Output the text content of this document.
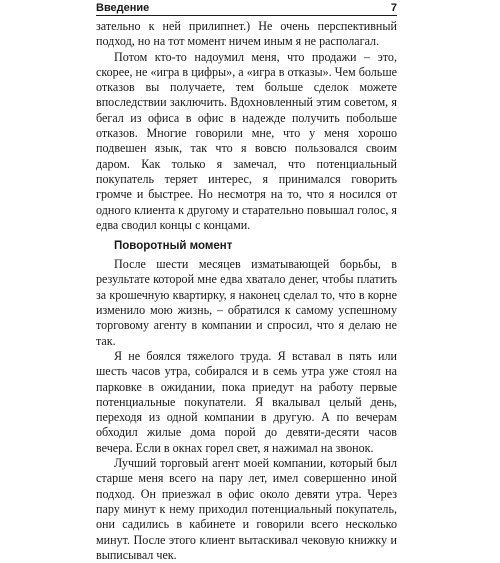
Введение	7

зательно к ней прилипнет.) Не очень перспективный подход, но на тот момент ничем иным я не располагал.

Потом кто-то надоумил меня, что продажи – это, скорее, не «игра в цифры», а «игра в отказы». Чем больше отказов вы получаете, тем больше сделок можете впоследствии заключить. Вдохновленный этим советом, я бегал из офиса в офис в надежде получить побольше отказов. Многие говорили мне, что у меня хорошо подвешен язык, так что я вовсю пользовался своим даром. Как только я замечал, что потенциальный покупатель теряет интерес, я принимался говорить громче и быстрее. Но несмотря на то, что я носился от одного клиента к другому и старательно повышал голос, я едва сводил концы с концами.

Поворотный момент

После шести месяцев изматывающей борьбы, в результате которой мне едва хватало денег, чтобы платить за крошечную квартирку, я наконец сделал то, что в корне изменило мою жизнь, – обратился к самому успешному торговому агенту в компании и спросил, что я делаю не так.

Я не боялся тяжелого труда. Я вставал в пять или шесть часов утра, собирался и в семь утра уже стоял на парковке в ожидании, пока приедут на работу первые потенциальные покупатели. Я вкалывал целый день, переходя из одной компании в другую. А по вечерам обходил жилые дома порой до девяти-десяти часов вечера. Если в окнах горел свет, я нажимал на звонок.

Лучший торговый агент моей компании, который был старше меня всего на пару лет, имел совершенно иной подход. Он приезжал в офис около девяти утра. Через пару минут к нему приходил потенциальный покупатель, они садились в кабинете и говорили всего несколько минут. После этого клиент вытаскивал чековую книжку и выписывал чек.
